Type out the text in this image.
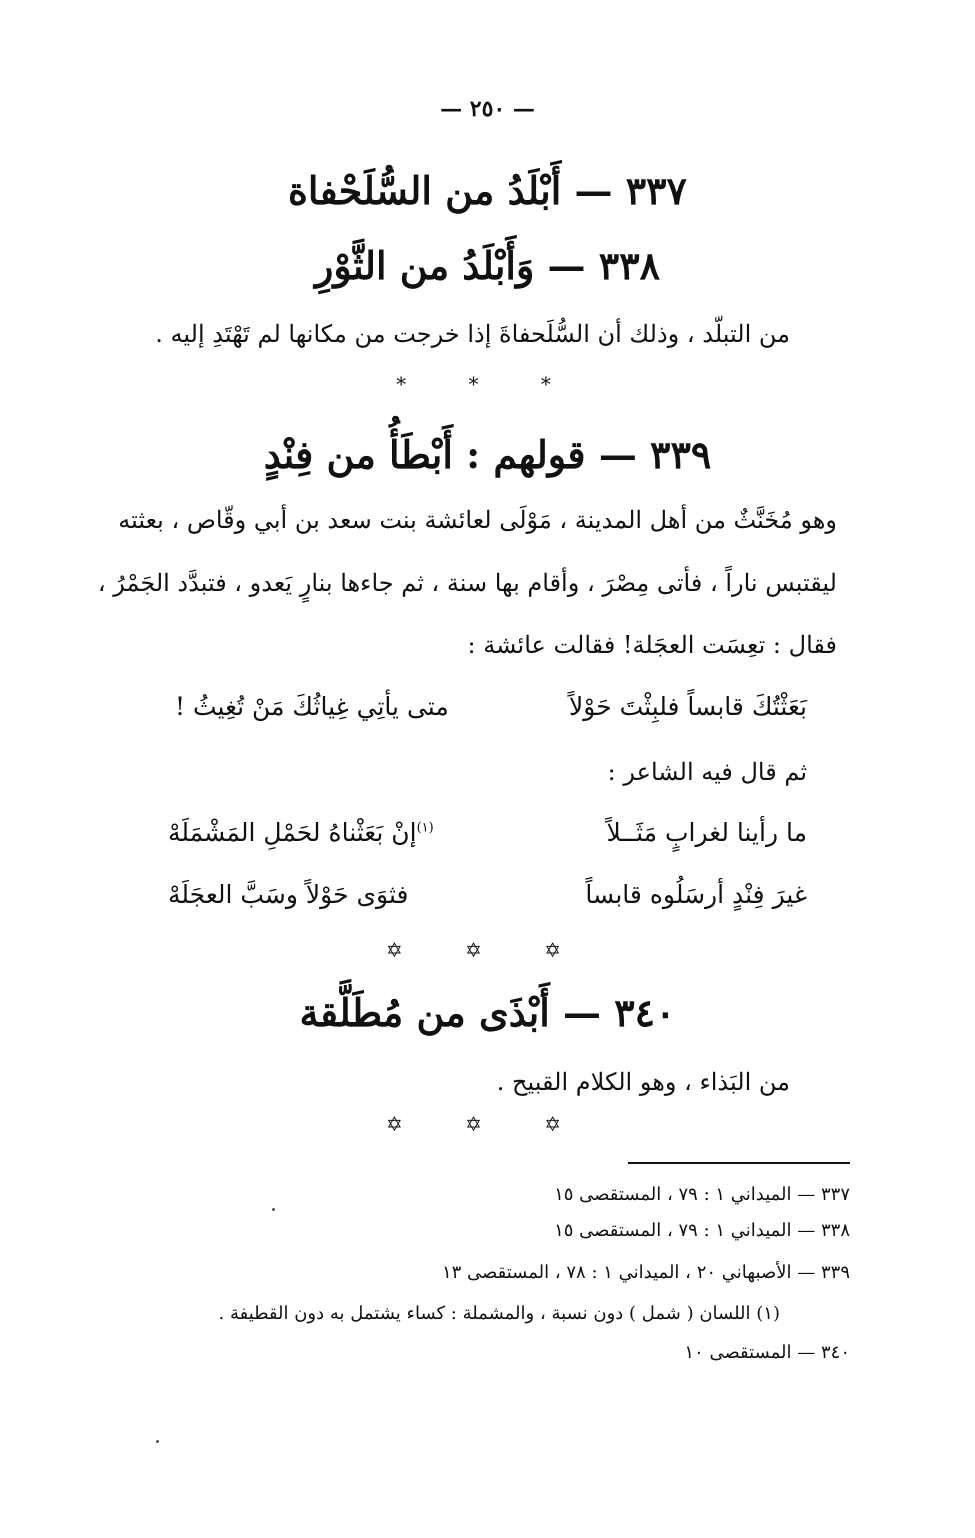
— ٢٥٠ —
٣٣٧ — أَبْلَدُ من السُّلَحْفاة
٣٣٨ — وَأَبْلَدُ من الثَّوْرِ
من التبلّد ، وذلك أن السُّلَحفاةَ إذا خرجت من مكانها لم تَهْتَدِ إليه .
* * *
٣٣٩ — قولهم : أَبْطَأُ من فِنْدٍ
وهو مُخَنَّثٌ من أهل المدينة ، مَوْلَى لعائشة بنت سعد بن أبي وقّاص ، بعثته
ليقتبس ناراً ، فأتى مِصْرَ ، وأقام بها سنة ، ثم جاءها بنارٍ يَعدو ، فتبدَّد الجَمْرُ ،
فقال : تعِسَت العجَلة! فقالت عائشة :
بَعَثْتُكَ قابساً فلبِثْتَ حَوْلاً
متى يأتِي غِياثُكَ مَنْ تُغِيثُ !
ثم قال فيه الشاعر :
ما رأينا لغرابٍ مَثَــلاً
$^{(١)}$إنْ بَعَثْناهُ لحَمْلِ المَشْمَلَهْ
غيرَ فِنْدٍ أرسَلُوه قابساً
فثوَى حَوْلاً وسَبَّ العجَلَهْ
✡ ✡ ✡
٣٤٠ — أَبْذَى من مُطَلَّقة
من البَذاء ، وهو الكلام القبيح .
✡ ✡ ✡
٣٣٧ — الميداني ١ : ٧٩ ، المستقصى ١٥
٣٣٨ — الميداني ١ : ٧٩ ، المستقصى ١٥
٣٣٩ — الأصبهاني ٢٠ ، الميداني ١ : ٧٨ ، المستقصى ١٣
(١) اللسان ( شمل ) دون نسبة ، والمشملة : كساء يشتمل به دون القطيفة .
٣٤٠ — المستقصى ١٠
